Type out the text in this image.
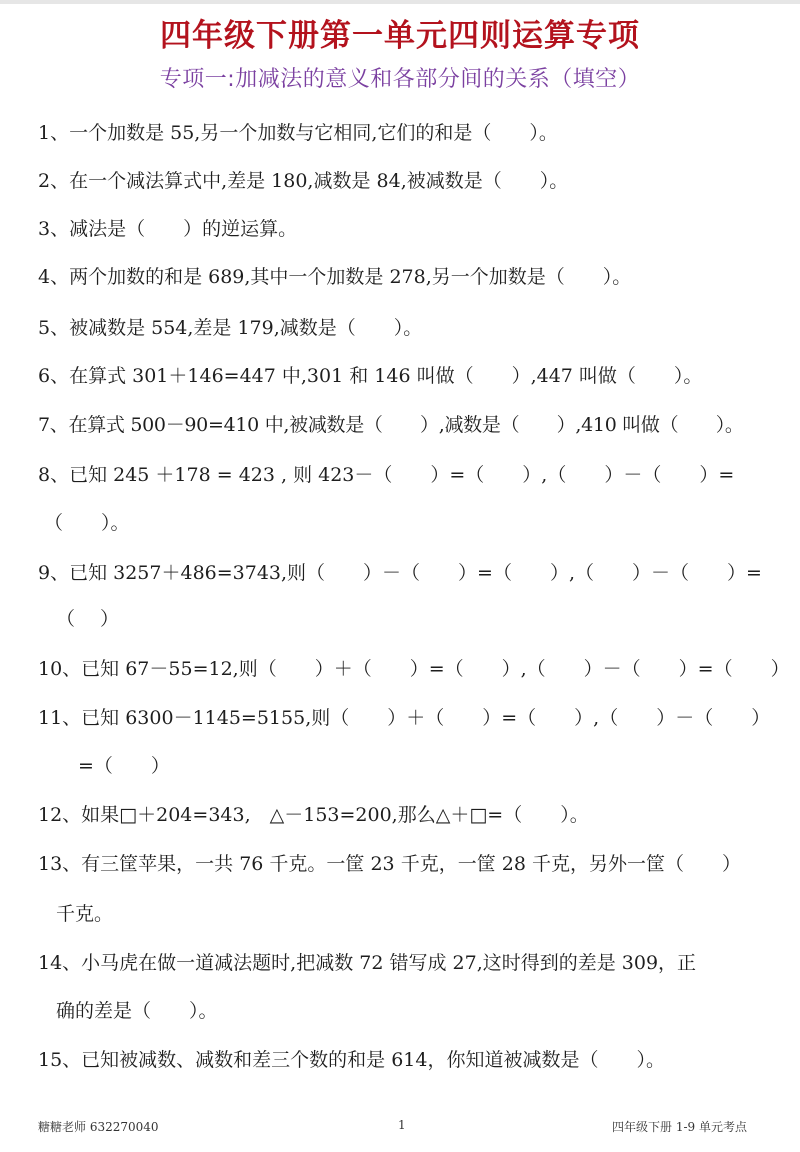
四年级下册第一单元四则运算专项
专项一:加减法的意义和各部分间的关系（填空）
1、一个加数是 55,另一个加数与它相同,它们的和是（　　）。
2、在一个减法算式中,差是 180,减数是 84,被减数是（　　）。
3、减法是（　　）的逆运算。
4、两个加数的和是 689,其中一个加数是 278,另一个加数是（　　）。
5、被减数是 554,差是 179,减数是（　　）。
6、在算式 301＋146=447 中,301 和 146 叫做（　　）,447 叫做（　　）。
7、在算式 500－90=410 中,被减数是（　　）,减数是（　　）,410 叫做（　　）。
8、已知 245 ＋178 = 423 , 则 423－（　　）=（　　）,（　　）－（　　）=
（　　）。
9、已知 3257＋486=3743,则（　　）－（　　）=（　　）,（　　）－（　　）=
（　 ）
10、已知 67－55=12,则（　　）＋（　　）=（　　）,（　　）－（　　）=（　　）
11、已知 6300－1145=5155,则（　　）＋（　　）=（　　）,（　　）－（　　）
=（　　）
12、如果□＋204=343,　△－153=200,那么△＋□=（　　）。
13、有三筐苹果，一共 76 千克。一筐 23 千克，一筐 28 千克，另外一筐（　　）
千克。
14、小马虎在做一道减法题时,把减数 72 错写成 27,这时得到的差是 309，正
确的差是（　　）。
15、已知被减数、减数和差三个数的和是 614，你知道被减数是（　　）。
糖糖老师 632270040	1	四年级下册 1-9 单元考点
